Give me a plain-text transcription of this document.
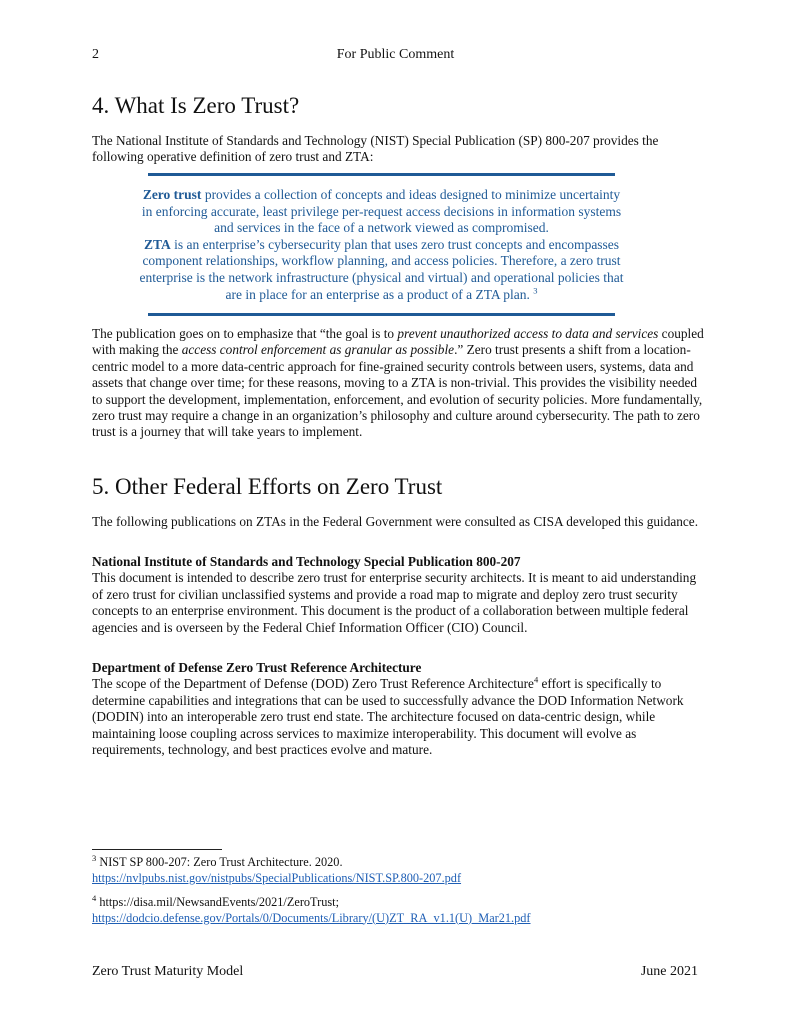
For Public Comment
2
4. What Is Zero Trust?

The National Institute of Standards and Technology (NIST) Special Publication (SP) 800-207 provides the following operative definition of zero trust and ZTA:

Zero trust provides a collection of concepts and ideas designed to minimize uncertainty in enforcing accurate, least privilege per-request access decisions in information systems and services in the face of a network viewed as compromised.
ZTA is an enterprise’s cybersecurity plan that uses zero trust concepts and encompasses component relationships, workflow planning, and access policies. Therefore, a zero trust enterprise is the network infrastructure (physical and virtual) and operational policies that are in place for an enterprise as a product of a ZTA plan. $^3$

The publication goes on to emphasize that “the goal is to prevent unauthorized access to data and services coupled with making the access control enforcement as granular as possible.” Zero trust presents a shift from a location-centric model to a more data-centric approach for fine-grained security controls between users, systems, data and assets that change over time; for these reasons, moving to a ZTA is non-trivial. This provides the visibility needed to support the development, implementation, enforcement, and evolution of security policies. More fundamentally, zero trust may require a change in an organization’s philosophy and culture around cybersecurity. The path to zero trust is a journey that will take years to implement.

5. Other Federal Efforts on Zero Trust

The following publications on ZTAs in the Federal Government were consulted as CISA developed this guidance.

National Institute of Standards and Technology Special Publication 800-207

This document is intended to describe zero trust for enterprise security architects. It is meant to aid understanding of zero trust for civilian unclassified systems and provide a road map to migrate and deploy zero trust security concepts to an enterprise environment. This document is the product of a collaboration between multiple federal agencies and is overseen by the Federal Chief Information Officer (CIO) Council.

Department of Defense Zero Trust Reference Architecture

The scope of the Department of Defense (DOD) Zero Trust Reference Architecture$^4$ effort is specifically to determine capabilities and integrations that can be used to successfully advance the DOD Information Network (DODIN) into an interoperable zero trust end state. The architecture focused on data-centric design, while maintaining loose coupling across services to maximize interoperability. This document will evolve as requirements, technology, and best practices evolve and mature.

$^3$ NIST SP 800-207: Zero Trust Architecture. 2020.
https://nvlpubs.nist.gov/nistpubs/SpecialPublications/NIST.SP.800-207.pdf
$^4$ https://disa.mil/NewsandEvents/2021/ZeroTrust;
https://dodcio.defense.gov/Portals/0/Documents/Library/(U)ZT_RA_v1.1(U)_Mar21.pdf
Zero Trust Maturity Model	June 2021
